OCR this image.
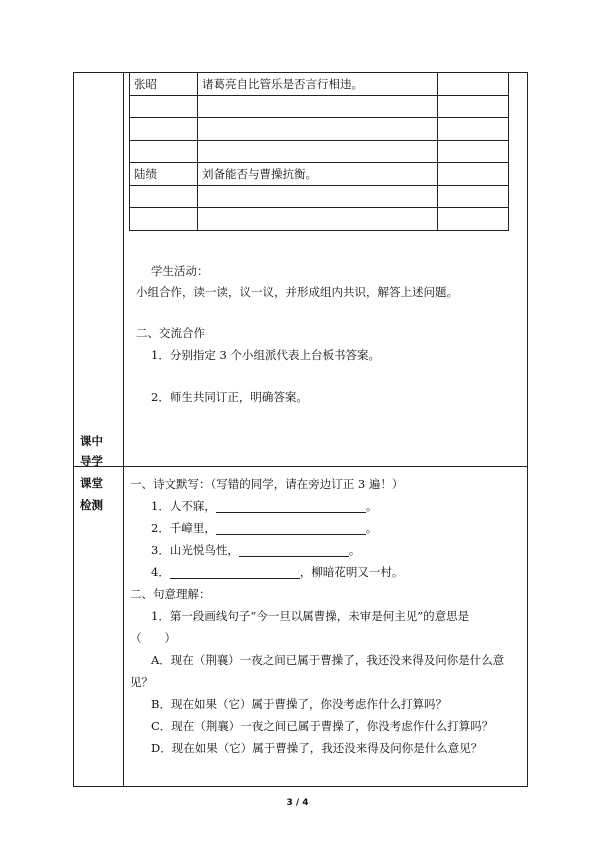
张昭	诸葛亮自比管乐是否言行相违。	

陆绩	刘备能否与曹操抗衡。	

学生活动：
小组合作，读一读，议一议，并形成组内共识，解答上述问题。
二、交流合作
1．分别指定 3 个小组派代表上台板书答案。
2．师生共同订正，明确答案。
课中
导学
课堂
检测
一、诗文默写：（写错的同学，请在旁边订正 3 遍！）
1．人不寐，	。
2．千嶂里，	。
3．山光悦鸟性，	。
4．	，柳暗花明又一村。
二、句意理解：
1．第一段画线句子“今一旦以属曹操，未审是何主见”的意思是
（　　）
A．现在（荆襄）一夜之间已属于曹操了，我还没来得及问你是什么意
见？
B．现在如果（它）属于曹操了，你没考虑作什么打算吗？
C．现在（荆襄）一夜之间已属于曹操了，你没考虑作什么打算吗？
D．现在如果（它）属于曹操了，我还没来得及问你是什么意见？
3 / 4
